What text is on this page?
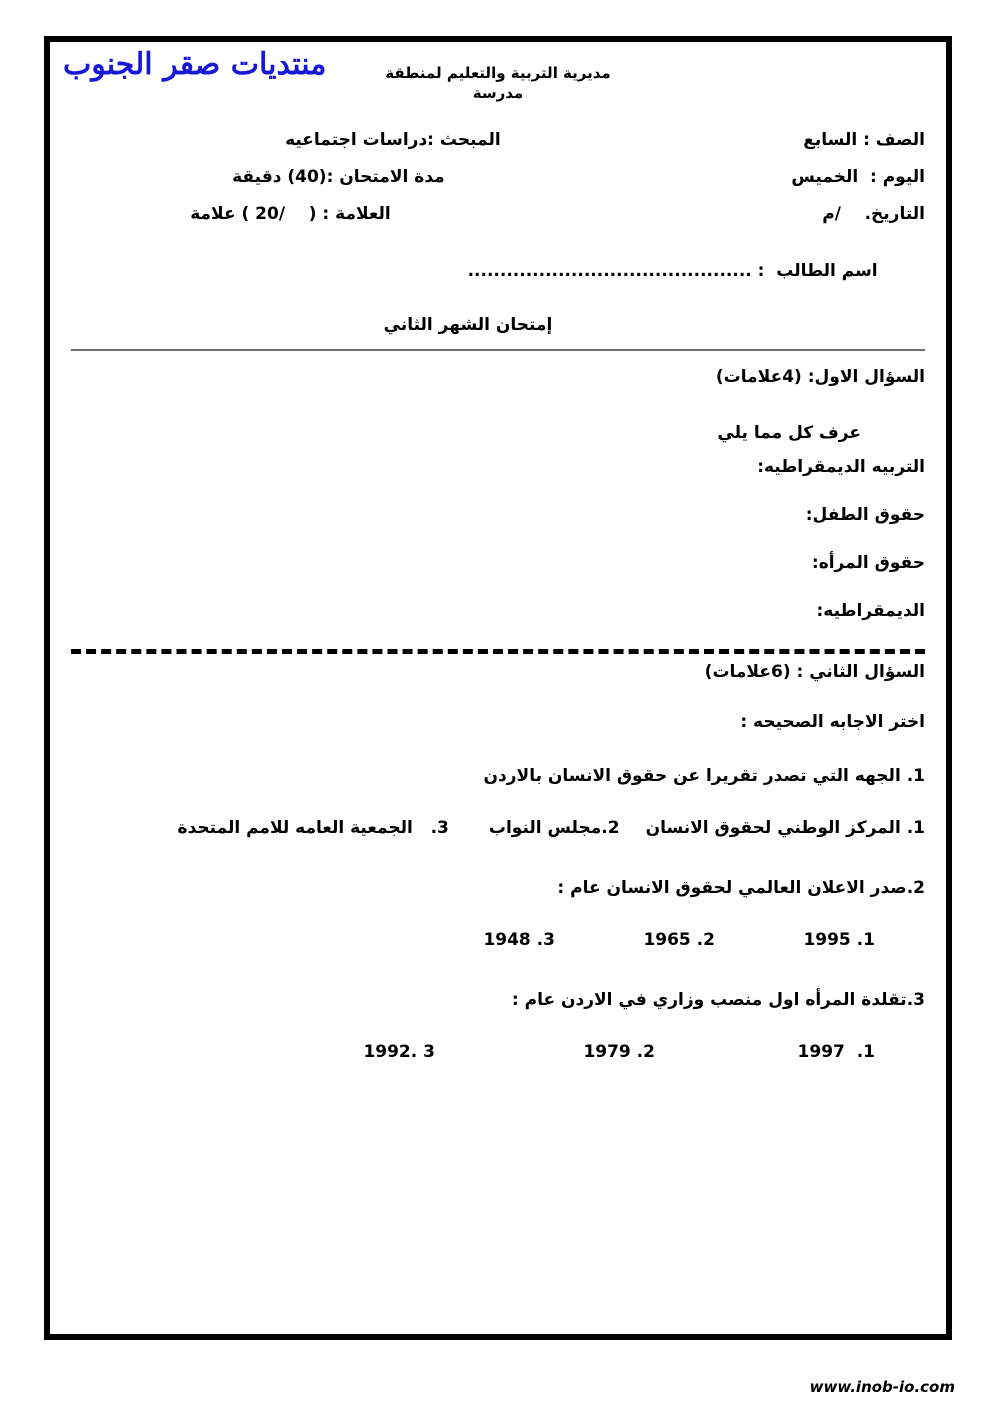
منتديات صقر الجنوب	مديرية التربية والتعليم لمنطقة
مدرسة
الصف : السابع
المبحث :دراسات اجتماعيه
اليوم :  الخميس
مدة الامتحان :(40) دقيقة
التاريخ.    /م
العلامة : (    /20 ) علامة

اسم الطالب  : ............................................

إمتحان الشهر الثاني
السؤال الاول: (4علامات)
عرف كل مما يلي
التربيه الديمقراطيه:
حقوق الطفل:
حقوق المرأه:
الديمقراطيه:
السؤال الثاني : (6علامات)
اختر الاجابه الصحيحه :
1. الجهه التي تصدر تقريرا عن حقوق الانسان بالاردن
1. المركز الوطني لحقوق الانسان
2.مجلس النواب
3.   الجمعية العامه للامم المتحدة
2.صدر الاعلان العالمي لحقوق الانسان عام :
1. 1995
2. 1965
3. 1948
3.تقلدة المرأه اول منصب وزاري في الاردن عام :
1.  1997
2. 1979
3 .1992
www.inob-io.com
